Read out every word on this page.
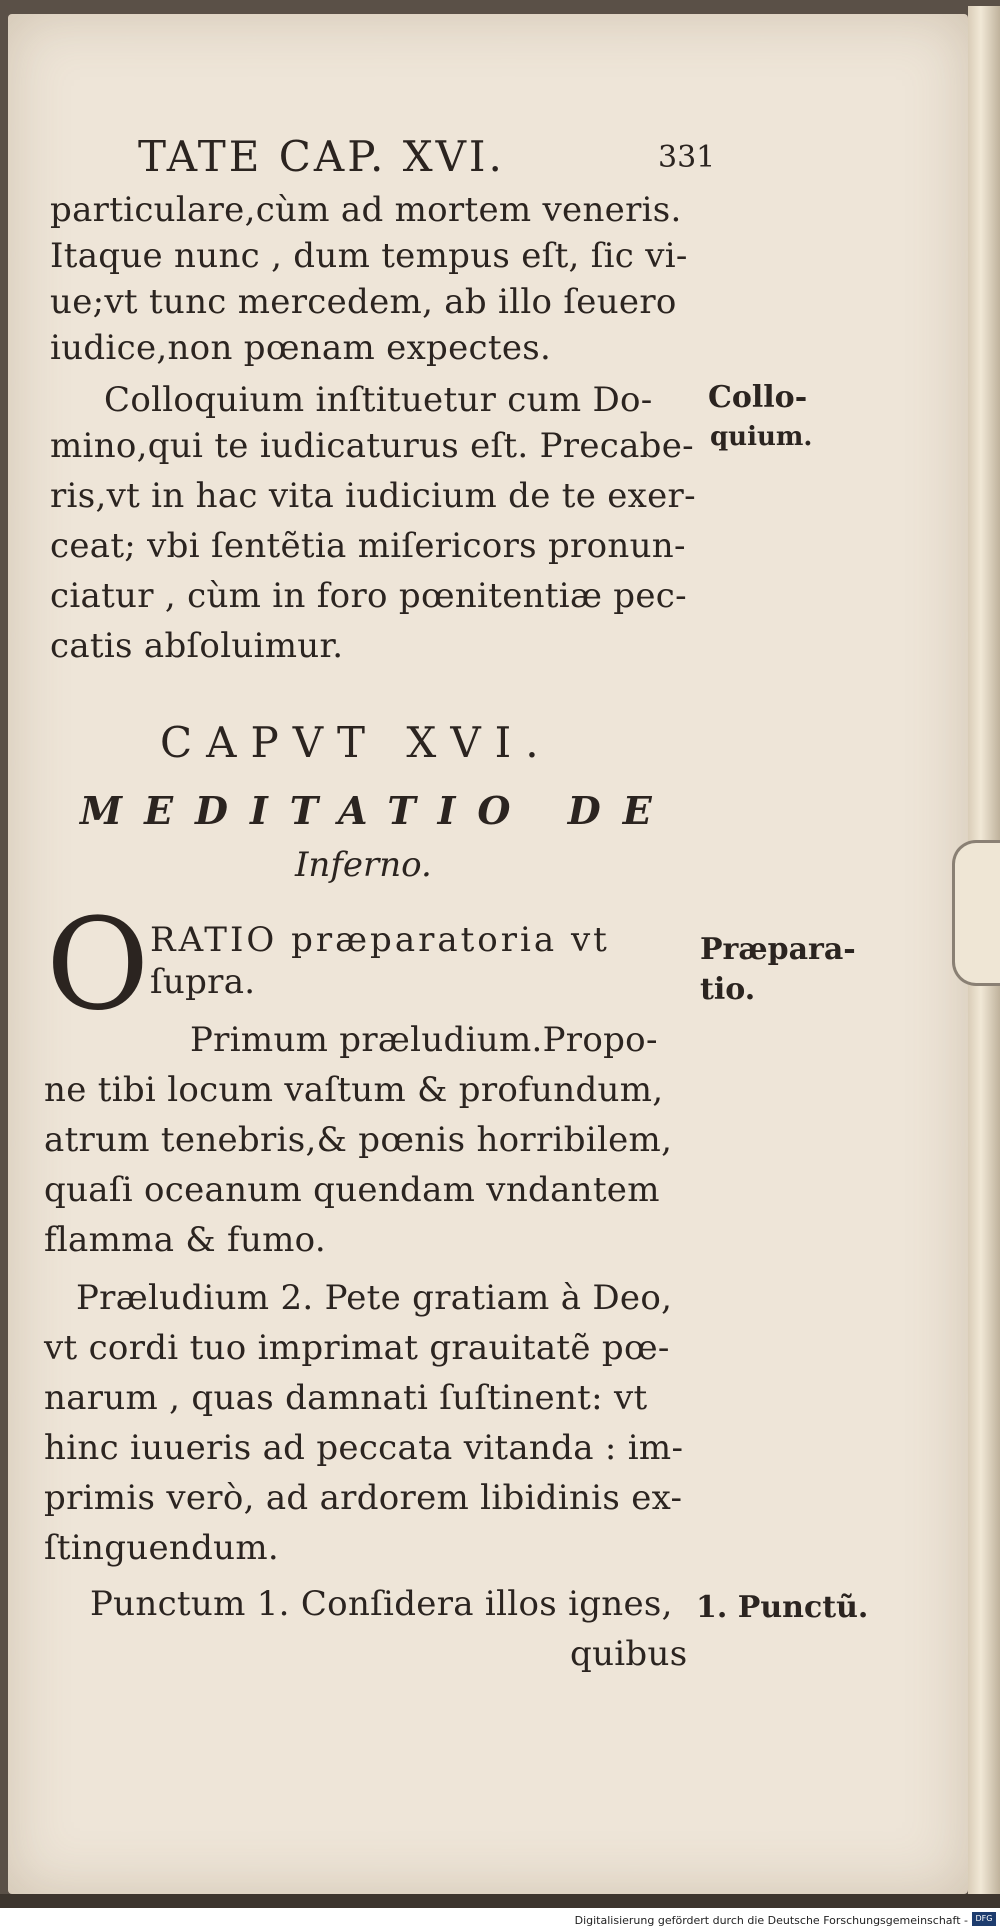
TATE CAP. XVI.	331
particulare,cùm ad mortem veneris.
Itaque nunc , dum tempus eſt, ſic vi-
ue;vt tunc mercedem, ab illo ſeuero
iudice,non pœnam expectes.
Colloquium inſtituetur cum Do-
mino,qui te iudicaturus eſt. Precabe-
ris,vt in hac vita iudicium de te exer-
ceat; vbi ſentẽtia miſericors pronun-
ciatur , cùm in foro pœnitentiæ pec-
catis abſoluimur.
Collo-
quium.
CAPVT XVI.
MEDITATIO DE
Inferno.
O RATIO præparatoria vt
ſupra.
Primum præludium.Propo-
ne tibi locum vaſtum & profundum,
atrum tenebris,& pœnis horribilem,
quaſi oceanum quendam vndantem
flamma & fumo.
Præludium 2. Pete gratiam à Deo,
vt cordi tuo imprimat grauitatẽ pœ-
narum , quas damnati ſuſtinent: vt
hinc iuueris ad peccata vitanda : im-
primis verò, ad ardorem libidinis ex-
ſtinguendum.
Punctum 1. Conſidera illos ignes,
quibus
Præpara-
tio.
1. Punctũ.
Digitalisierung gefördert durch die Deutsche Forschungsgemeinschaft - DFG
